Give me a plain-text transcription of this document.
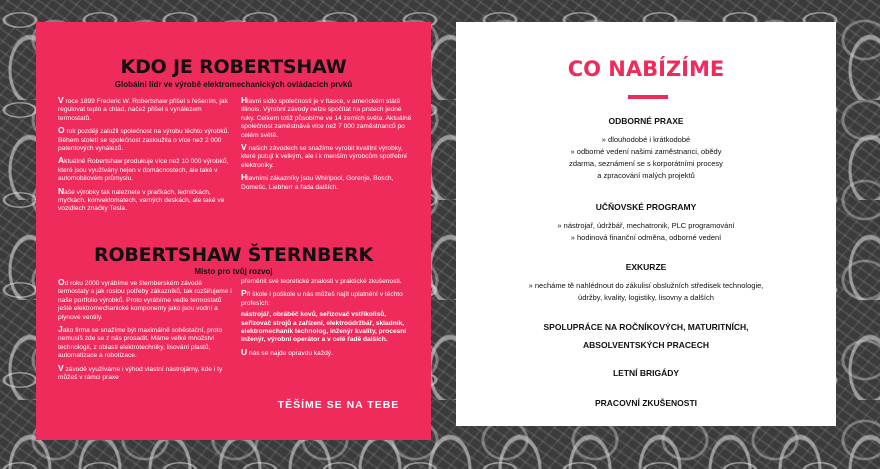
KDO JE ROBERTSHAW
Globální lídr ve výrobě elektromechanických ovládacích prvků

V roce 1899 Frederic W. Robertshaw přišel s řešením, jak regulovat teplo a chlad, načež přišel s vynálezem termostatů.

O rok později založil společnost na výrobu těchto výrobků. Během století se společnost zasloužila o více než 2 000 patentových vynálezů.

Aktuálně Robertshaw produkuje více než 10 000 výrobků, které jsou využívány nejen v domácnostech, ale také v automobilovém průmyslu.

Naše výrobky tak naleznete v pračkách, ledničkách, myčkách, konvektomatech, varných deskách, ale také ve vozidlech značky Tesla.

Hlavní sídlo společnosti je v Itasce, v americkém státě Illinois. Výrobní závody nelze spočítat na prstech jedné ruky. Celkem totiž působíme ve 14 zemích světa. Aktuálně společnost zaměstnává více než 7 000 zaměstnanců po celém světě.

V našich závodech se snažíme vyrobit kvalitní výrobky, které putují k velkým, ale i k menším výrobcům spotřební elektroniky.

Hlavními zákazníky jsou Whirlpool, Gorenje, Bosch, Dometic, Liebherr a řada dalších.

ROBERTSHAW ŠTERNBERK
Místo pro tvůj rozvoj

Od roku 2000 vyrábíme ve šternberském závodě termostaty a jak rostou potřeby zákazníků, tak rozšiřujeme i naše portfolio výrobků. Proto vyrábíme vedle termostatů ještě elektromechanické komponenty jako jsou vodní a plynové ventily.

Jako firma se snažíme být maximálně soběstační, proto nemusíš zde se z nás prosadit. Máme velké množství technologií, z oblasti elektrotechniky, lisování plastů, automatizace a robotizace.

V závodě využíváme i výhod vlastní nástrojárny, kde i ty můžeš v rámci praxe

přeměnit své teoretické znalosti v praktické zkušenosti.

Při škole i poškole u nás můžeš najít uplatnění v těchto profesích:

nástrojář, obráběč kovů, seřizovač vstřikolisů, seřizovač strojů a zařízení, elektroúdržbář, skladník, elektromechanik technolog, inženýr kvality, procesní inženýr, výrobní operátor a v celé řadě dalších.

U nás se najde opravdu každý.

TĚŠÍME SE NA TEBE
CO NABÍZÍME
ODBORNÉ PRAXE
» dlouhodobé i krátkodobé
» odborné vedení našimi zaměstnanci, obědy
zdarma, seznámení se s korporátními procesy
a zpracování malých projektů
UČŇOVSKÉ PROGRAMY
» nástrojař, údržbář, mechatronik, PLC programování
» hodinová finanční odměna, odborné vedení
EXKURZE
» necháme tě nahlédnout do zákulisí obslužních středisek technologie,
údržby, kvality, logistiky, lisovny a dalších
SPOLUPRÁCE NA ROČNÍKOVÝCH, MATURITNÍCH,
ABSOLVENTSKÝCH PRACECH
LETNÍ BRIGÁDY
PRACOVNÍ ZKUŠENOSTI
